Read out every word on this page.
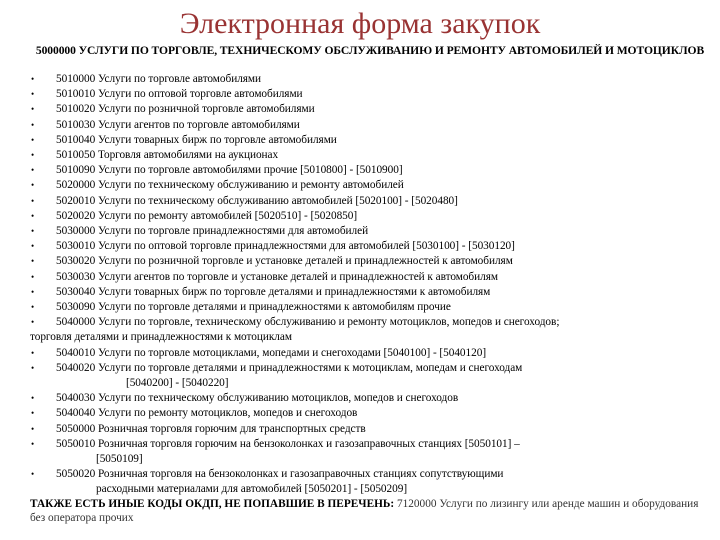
Электронная форма закупок
5000000 УСЛУГИ ПО ТОРГОВЛЕ, ТЕХНИЧЕСКОМУ ОБСЛУЖИВАНИЮ И РЕМОНТУ АВТОМОБИЛЕЙ И МОТОЦИКЛОВ
• 5010000 Услуги по торговле автомобилями
• 5010010 Услуги по оптовой торговле автомобилями
• 5010020 Услуги по розничной торговле автомобилями
• 5010030 Услуги агентов по торговле автомобилями
• 5010040 Услуги товарных бирж по торговле автомобилями
• 5010050 Торговля автомобилями на аукционах
• 5010090 Услуги по торговле автомобилями прочие [5010800] - [5010900]
• 5020000 Услуги по техническому обслуживанию и ремонту автомобилей
• 5020010 Услуги по техническому обслуживанию автомобилей [5020100] - [5020480]
• 5020020 Услуги по ремонту автомобилей [5020510] - [5020850]
• 5030000 Услуги по торговле принадлежностями для автомобилей
• 5030010 Услуги по оптовой торговле принадлежностями для автомобилей [5030100] - [5030120]
• 5030020 Услуги по розничной торговле и установке деталей и принадлежностей к автомобилям
• 5030030 Услуги агентов по торговле и установке деталей и принадлежностей к автомобилям
• 5030040 Услуги товарных бирж по торговле деталями и принадлежностями к автомобилям
• 5030090 Услуги по торговле деталями и принадлежностями к автомобилям прочие
• 5040000 Услуги по торговле, техническому обслуживанию и ремонту мотоциклов, мопедов и снегоходов;
торговля деталями и принадлежностями к мотоциклам
• 5040010 Услуги по торговле мотоциклами, мопедами и снегоходами [5040100] - [5040120]
• 5040020 Услуги по торговле деталями и принадлежностями к мотоциклам, мопедам и снегоходам
[5040200] - [5040220]
• 5040030 Услуги по техническому обслуживанию мотоциклов, мопедов и снегоходов
• 5040040 Услуги по ремонту мотоциклов, мопедов и снегоходов
• 5050000 Розничная торговля горючим для транспортных средств
• 5050010 Розничная торговля горючим на бензоколонках и газозаправочных станциях [5050101] –
[5050109]
• 5050020 Розничная торговля на бензоколонках и газозаправочных станциях сопутствующими
расходными материалами для автомобилей [5050201] - [5050209]
ТАКЖЕ ЕСТЬ ИНЫЕ КОДЫ ОКДП, НЕ ПОПАВШИЕ В ПЕРЕЧЕНЬ: 7120000 Услуги по лизингу или аренде машин и оборудования без оператора прочих
